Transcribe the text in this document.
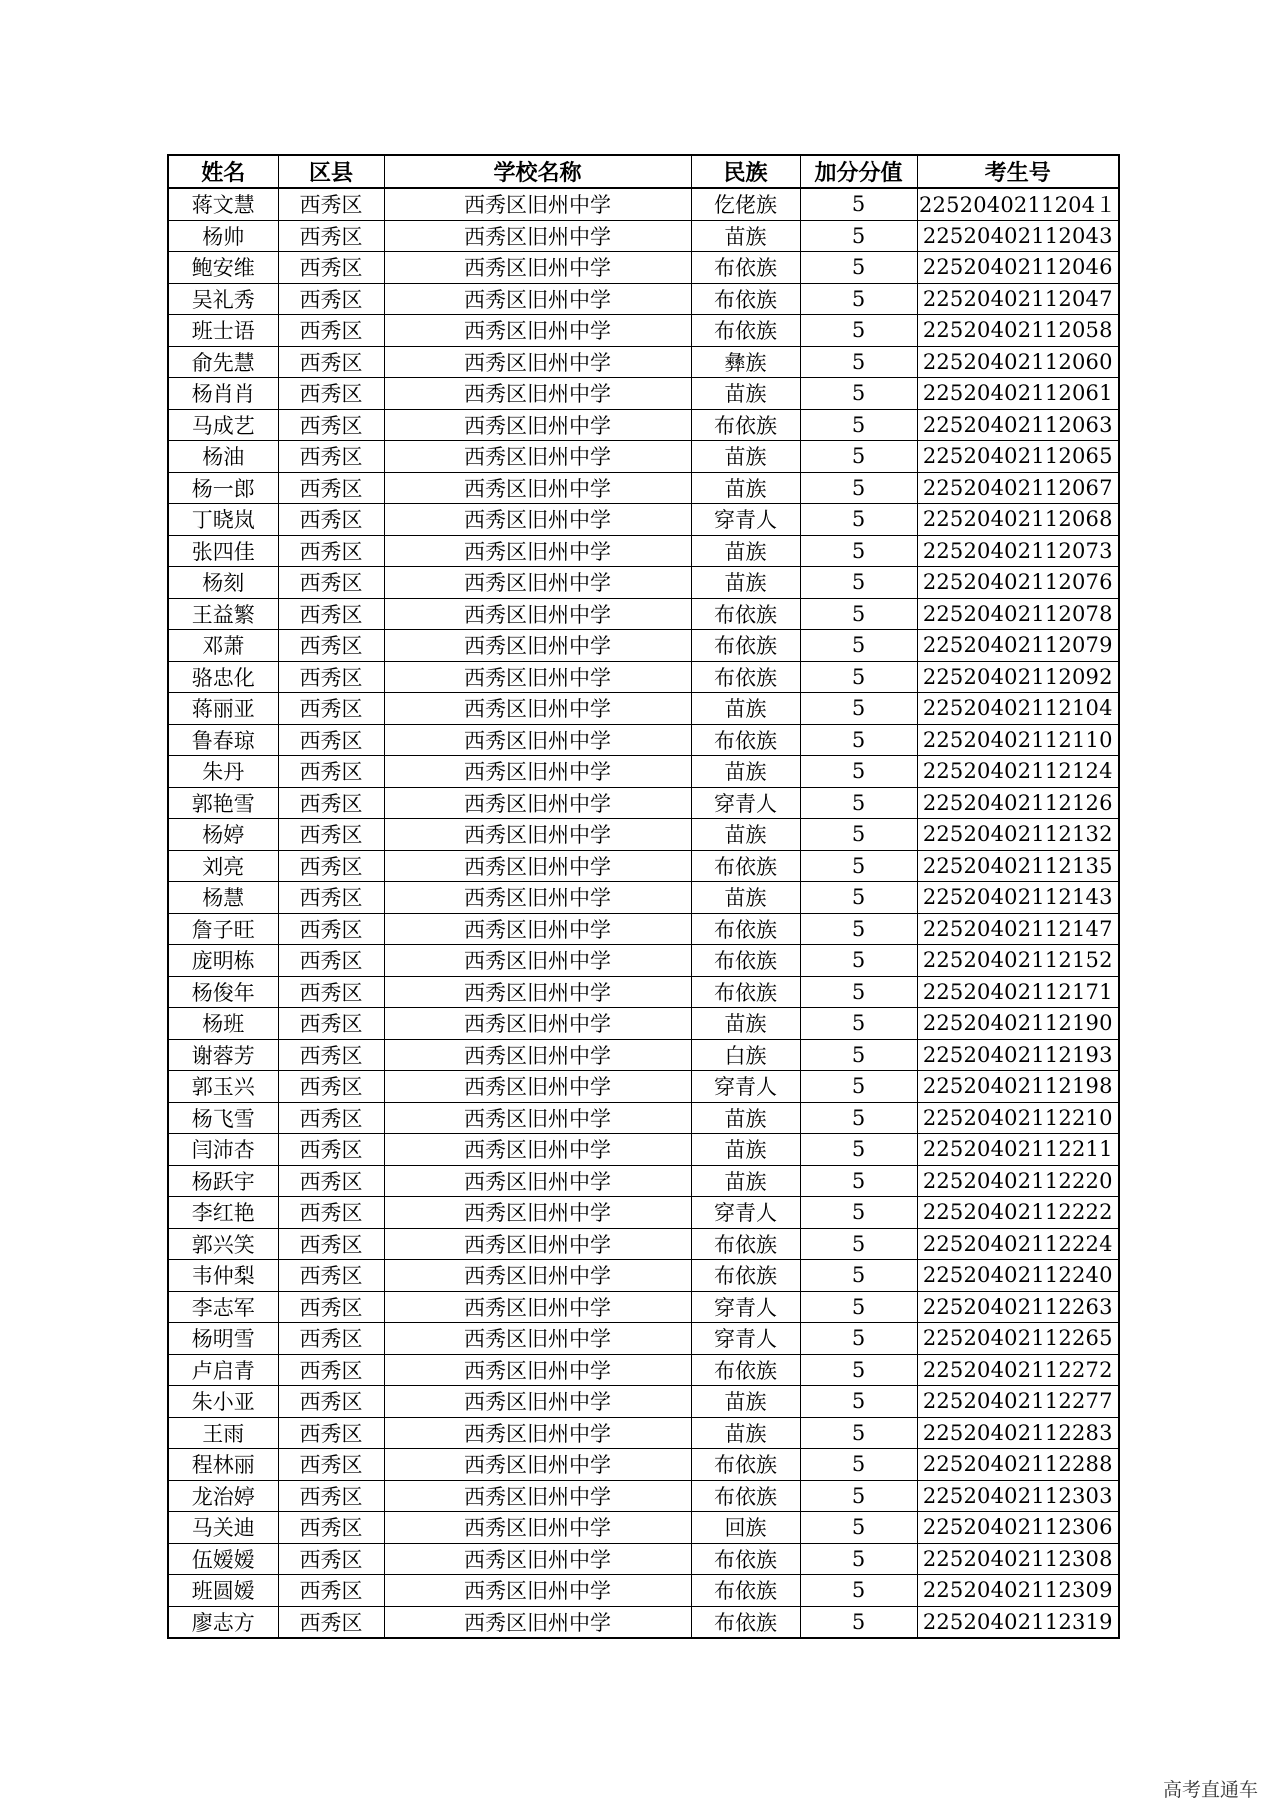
姓名	区县	学校名称	民族	加分分值	考生号
蒋文慧	西秀区	西秀区旧州中学	仡佬族	5	2252040211204１
杨帅	西秀区	西秀区旧州中学	苗族	5	22520402112043
鲍安维	西秀区	西秀区旧州中学	布依族	5	22520402112046
吴礼秀	西秀区	西秀区旧州中学	布依族	5	22520402112047
班士语	西秀区	西秀区旧州中学	布依族	5	22520402112058
俞先慧	西秀区	西秀区旧州中学	彝族	5	22520402112060
杨肖肖	西秀区	西秀区旧州中学	苗族	5	22520402112061
马成艺	西秀区	西秀区旧州中学	布依族	5	22520402112063
杨油	西秀区	西秀区旧州中学	苗族	5	22520402112065
杨一郎	西秀区	西秀区旧州中学	苗族	5	22520402112067
丁晓岚	西秀区	西秀区旧州中学	穿青人	5	22520402112068
张四佳	西秀区	西秀区旧州中学	苗族	5	22520402112073
杨刻	西秀区	西秀区旧州中学	苗族	5	22520402112076
王益繁	西秀区	西秀区旧州中学	布依族	5	22520402112078
邓萧	西秀区	西秀区旧州中学	布依族	5	22520402112079
骆忠化	西秀区	西秀区旧州中学	布依族	5	22520402112092
蒋丽亚	西秀区	西秀区旧州中学	苗族	5	22520402112104
鲁春琼	西秀区	西秀区旧州中学	布依族	5	22520402112110
朱丹	西秀区	西秀区旧州中学	苗族	5	22520402112124
郭艳雪	西秀区	西秀区旧州中学	穿青人	5	22520402112126
杨婷	西秀区	西秀区旧州中学	苗族	5	22520402112132
刘亮	西秀区	西秀区旧州中学	布依族	5	22520402112135
杨慧	西秀区	西秀区旧州中学	苗族	5	22520402112143
詹子旺	西秀区	西秀区旧州中学	布依族	5	22520402112147
庞明栋	西秀区	西秀区旧州中学	布依族	5	22520402112152
杨俊年	西秀区	西秀区旧州中学	布依族	5	22520402112171
杨班	西秀区	西秀区旧州中学	苗族	5	22520402112190
谢蓉芳	西秀区	西秀区旧州中学	白族	5	22520402112193
郭玉兴	西秀区	西秀区旧州中学	穿青人	5	22520402112198
杨飞雪	西秀区	西秀区旧州中学	苗族	5	22520402112210
闫沛杏	西秀区	西秀区旧州中学	苗族	5	22520402112211
杨跃宇	西秀区	西秀区旧州中学	苗族	5	22520402112220
李红艳	西秀区	西秀区旧州中学	穿青人	5	22520402112222
郭兴笑	西秀区	西秀区旧州中学	布依族	5	22520402112224
韦仲梨	西秀区	西秀区旧州中学	布依族	5	22520402112240
李志军	西秀区	西秀区旧州中学	穿青人	5	22520402112263
杨明雪	西秀区	西秀区旧州中学	穿青人	5	22520402112265
卢启青	西秀区	西秀区旧州中学	布依族	5	22520402112272
朱小亚	西秀区	西秀区旧州中学	苗族	5	22520402112277
王雨	西秀区	西秀区旧州中学	苗族	5	22520402112283
程林丽	西秀区	西秀区旧州中学	布依族	5	22520402112288
龙治婷	西秀区	西秀区旧州中学	布依族	5	22520402112303
马关迪	西秀区	西秀区旧州中学	回族	5	22520402112306
伍嫒嫒	西秀区	西秀区旧州中学	布依族	5	22520402112308
班圆嫒	西秀区	西秀区旧州中学	布依族	5	22520402112309
廖志方	西秀区	西秀区旧州中学	布依族	5	22520402112319
高考直通车
